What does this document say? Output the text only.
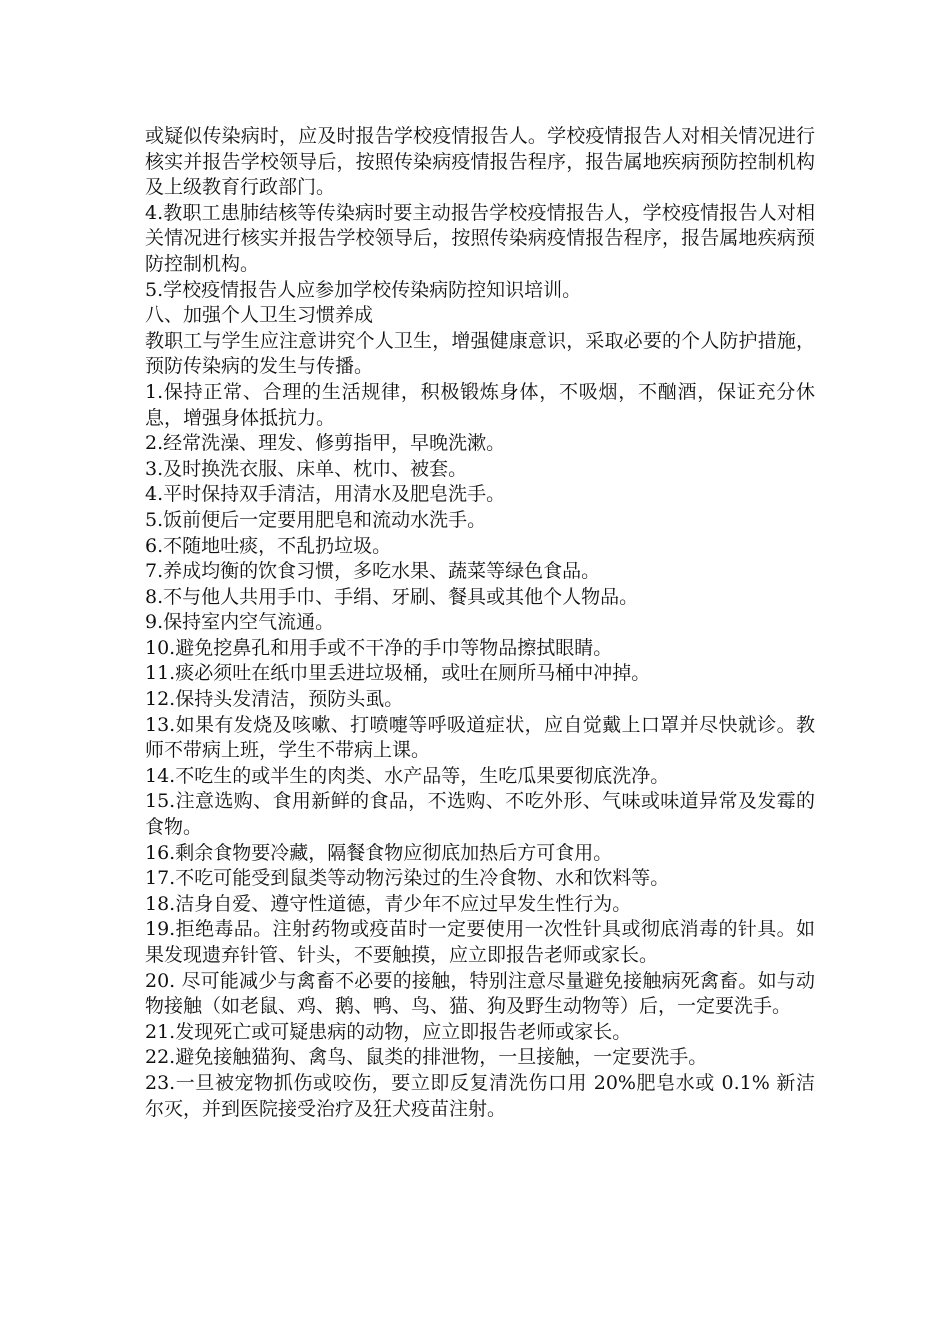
或疑似传染病时，应及时报告学校疫情报告人。学校疫情报告人对相关情况进行核实并报告学校领导后，按照传染病疫情报告程序，报告属地疾病预防控制机构及上级教育行政部门。

4.教职工患肺结核等传染病时要主动报告学校疫情报告人，学校疫情报告人对相关情况进行核实并报告学校领导后，按照传染病疫情报告程序，报告属地疾病预防控制机构。

5.学校疫情报告人应参加学校传染病防控知识培训。

八、加强个人卫生习惯养成

教职工与学生应注意讲究个人卫生，增强健康意识，采取必要的个人防护措施，预防传染病的发生与传播。

1.保持正常、合理的生活规律，积极锻炼身体，不吸烟，不酗酒，保证充分休息，增强身体抵抗力。

2.经常洗澡、理发、修剪指甲，早晚洗漱。

3.及时换洗衣服、床单、枕巾、被套。

4.平时保持双手清洁，用清水及肥皂洗手。

5.饭前便后一定要用肥皂和流动水洗手。

6.不随地吐痰，不乱扔垃圾。

7.养成均衡的饮食习惯，多吃水果、蔬菜等绿色食品。

8.不与他人共用手巾、手绢、牙刷、餐具或其他个人物品。

9.保持室内空气流通。

10.避免挖鼻孔和用手或不干净的手巾等物品擦拭眼睛。

11.痰必须吐在纸巾里丢进垃圾桶，或吐在厕所马桶中冲掉。

12.保持头发清洁，预防头虱。

13.如果有发烧及咳嗽、打喷嚏等呼吸道症状，应自觉戴上口罩并尽快就诊。教师不带病上班，学生不带病上课。

14.不吃生的或半生的肉类、水产品等，生吃瓜果要彻底洗净。

15.注意选购、食用新鲜的食品，不选购、不吃外形、气味或味道异常及发霉的食物。

16.剩余食物要冷藏，隔餐食物应彻底加热后方可食用。

17.不吃可能受到鼠类等动物污染过的生冷食物、水和饮料等。

18.洁身自爱、遵守性道德，青少年不应过早发生性行为。

19.拒绝毒品。注射药物或疫苗时一定要使用一次性针具或彻底消毒的针具。如果发现遗弃针管、针头，不要触摸，应立即报告老师或家长。

20. 尽可能减少与禽畜不必要的接触，特别注意尽量避免接触病死禽畜。如与动物接触（如老鼠、鸡、鹅、鸭、鸟、猫、狗及野生动物等）后，一定要洗手。

21.发现死亡或可疑患病的动物，应立即报告老师或家长。

22.避免接触猫狗、禽鸟、鼠类的排泄物，一旦接触，一定要洗手。

23.一旦被宠物抓伤或咬伤，要立即反复清洗伤口用 20%肥皂水或 0.1% 新洁尔灭，并到医院接受治疗及狂犬疫苗注射。
